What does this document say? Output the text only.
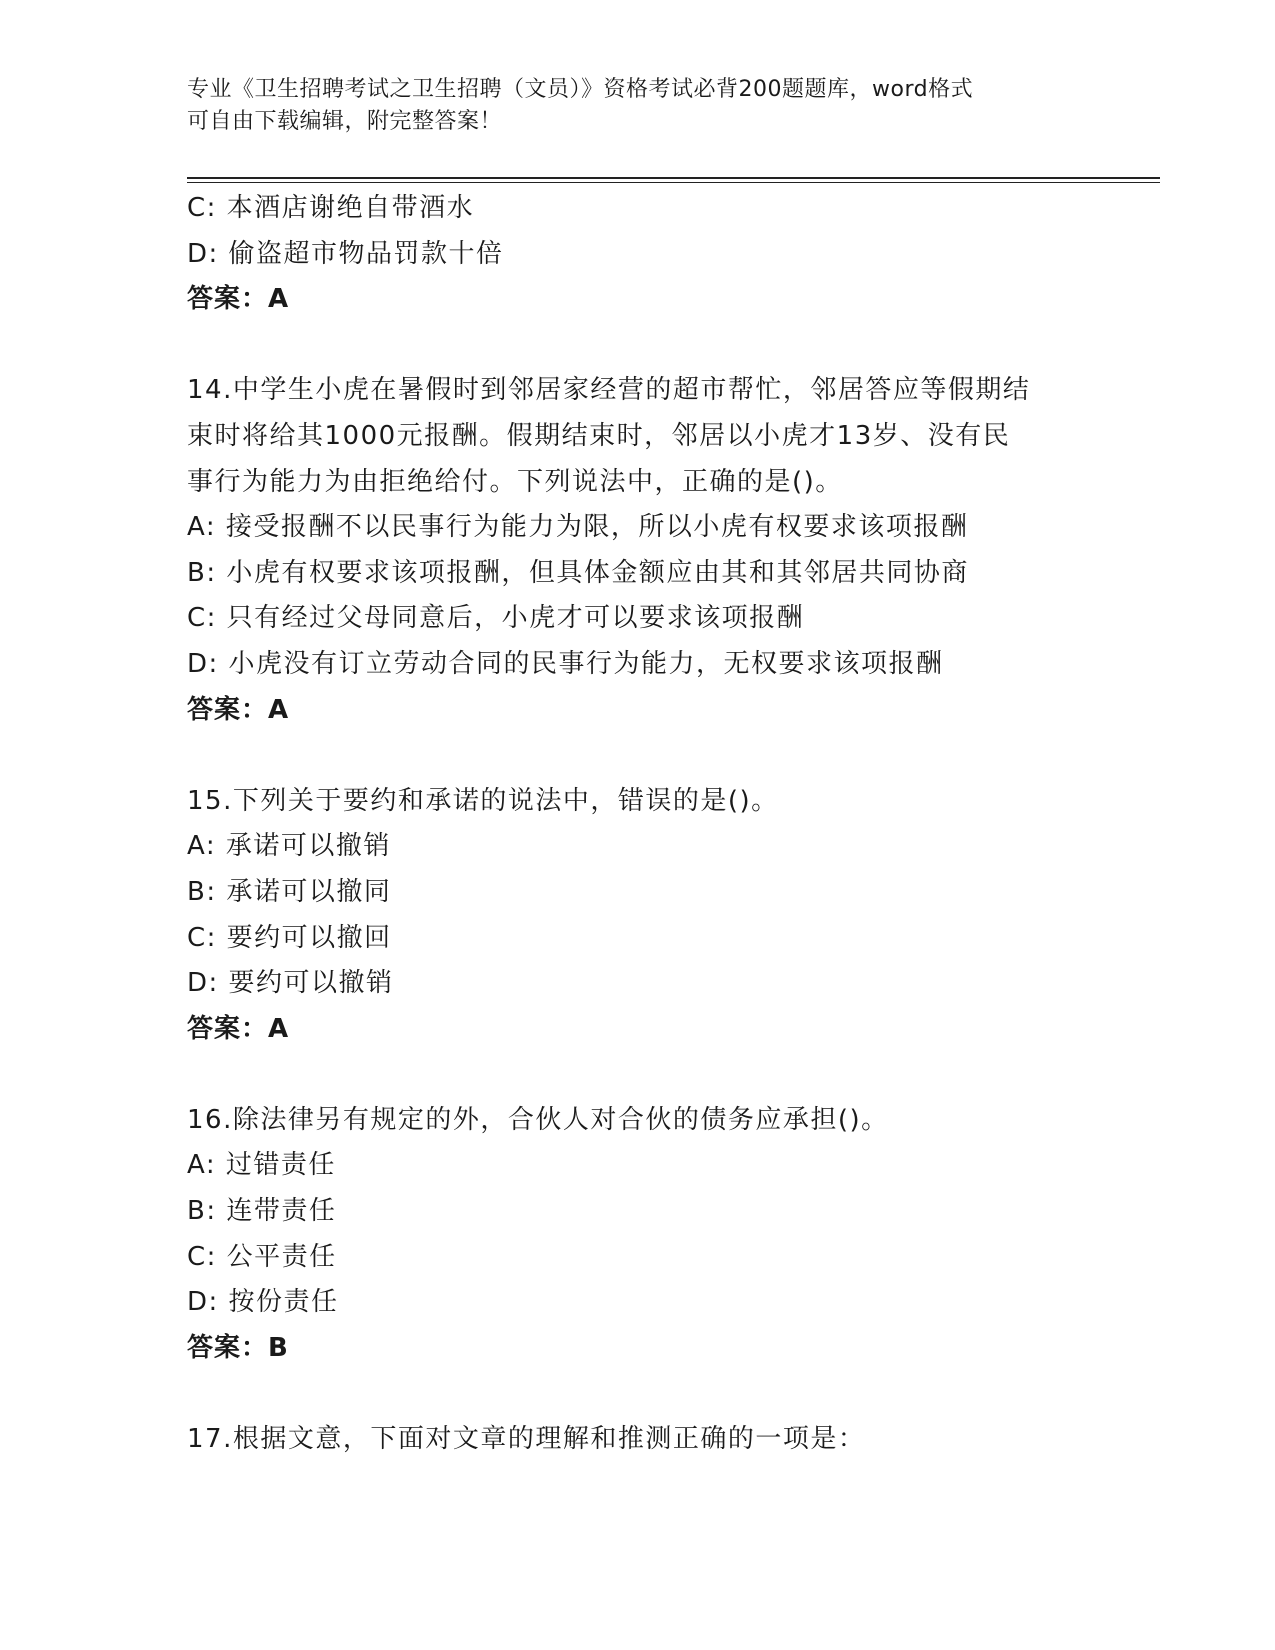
专业《卫生招聘考试之卫生招聘（文员）》资格考试必背200题题库，word格式
可自由下载编辑，附完整答案！
C: 本酒店谢绝自带酒水
D: 偷盗超市物品罚款十倍
答案：A
14.中学生小虎在暑假时到邻居家经营的超市帮忙，邻居答应等假期结
束时将给其1000元报酬。假期结束时，邻居以小虎才13岁、没有民
事行为能力为由拒绝给付。下列说法中，正确的是()。
A: 接受报酬不以民事行为能力为限，所以小虎有权要求该项报酬
B: 小虎有权要求该项报酬，但具体金额应由其和其邻居共同协商
C: 只有经过父母同意后，小虎才可以要求该项报酬
D: 小虎没有订立劳动合同的民事行为能力，无权要求该项报酬
答案：A
15.下列关于要约和承诺的说法中，错误的是()。
A: 承诺可以撤销
B: 承诺可以撤同
C: 要约可以撤回
D: 要约可以撤销
答案：A
16.除法律另有规定的外，合伙人对合伙的债务应承担()。
A: 过错责任
B: 连带责任
C: 公平责任
D: 按份责任
答案：B
17.根据文意，下面对文章的理解和推测正确的一项是：
